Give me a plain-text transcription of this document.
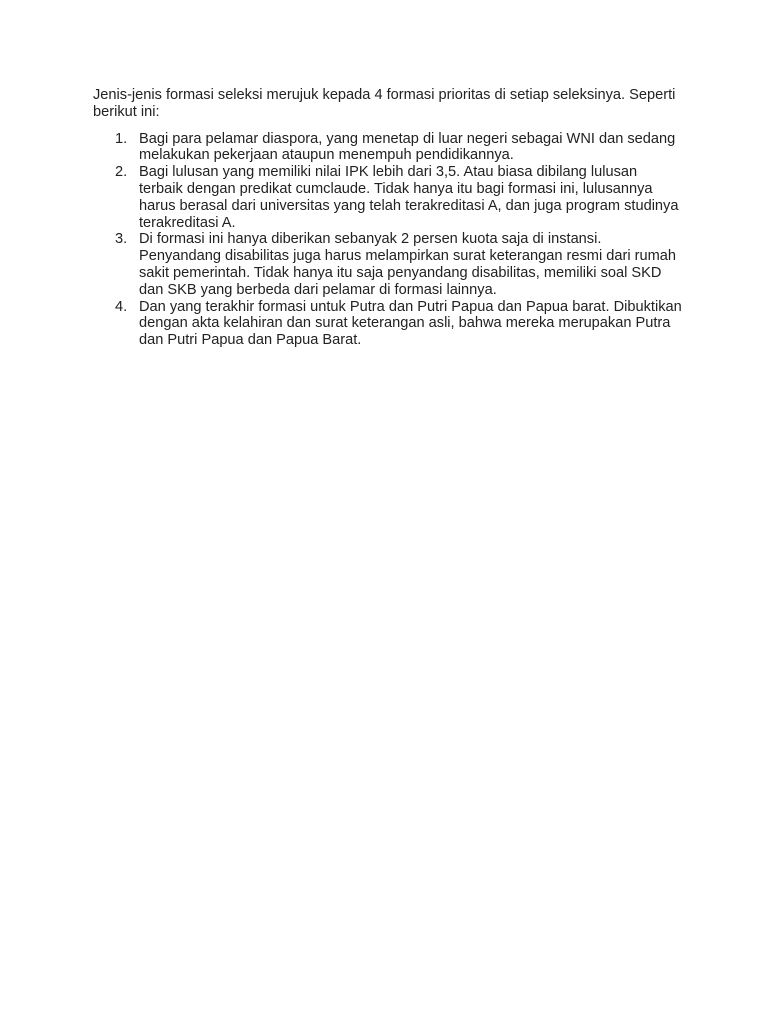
Jenis-jenis formasi seleksi merujuk kepada 4 formasi prioritas di setiap seleksinya. Seperti berikut ini:

1. Bagi para pelamar diaspora, yang menetap di luar negeri sebagai WNI dan sedang melakukan pekerjaan ataupun menempuh pendidikannya.
2. Bagi lulusan yang memiliki nilai IPK lebih dari 3,5. Atau biasa dibilang lulusan terbaik dengan predikat cumclaude. Tidak hanya itu bagi formasi ini, lulusannya harus berasal dari universitas yang telah terakreditasi A, dan juga program studinya terakreditasi A.
3. Di formasi ini hanya diberikan sebanyak 2 persen kuota saja di instansi. Penyandang disabilitas juga harus melampirkan surat keterangan resmi dari rumah sakit pemerintah. Tidak hanya itu saja penyandang disabilitas, memiliki soal SKD dan SKB yang berbeda dari pelamar di formasi lainnya.
4. Dan yang terakhir formasi untuk Putra dan Putri Papua dan Papua barat. Dibuktikan dengan akta kelahiran dan surat keterangan asli, bahwa mereka merupakan Putra dan Putri Papua dan Papua Barat.
